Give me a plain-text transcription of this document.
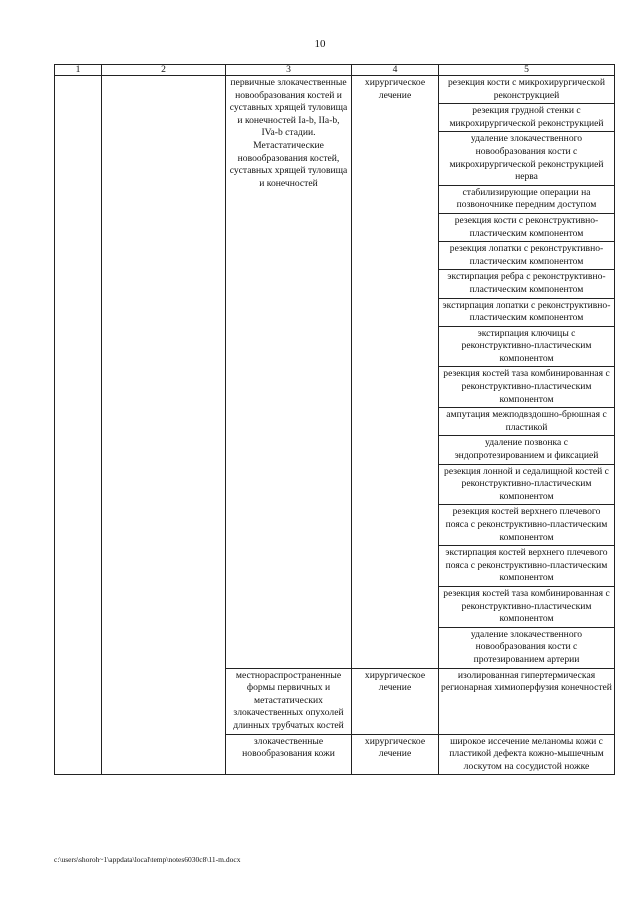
10
1	2	3	4	5
		первичные злокачественные новообразования костей и суставных хрящей туловища и конечностей Ia-b, IIa-b, IVa-b стадии. Метастатические новообразования костей, суставных хрящей туловища и конечностей	хирургическое лечение	резекция кости с микрохирургической реконструкцией
				резекция грудной стенки с микрохирургической реконструкцией
				удаление злокачественного новообразования кости с микрохирургической реконструкцией нерва
				стабилизирующие операции на позвоночнике передним доступом
				резекция кости с реконструктивно-пластическим компонентом
				резекция лопатки с реконструктивно-пластическим компонентом
				экстирпация ребра с реконструктивно-пластическим компонентом
				экстирпация лопатки с реконструктивно-пластическим компонентом
				экстирпация ключицы с реконструктивно-пластическим компонентом
				резекция костей таза комбинированная с реконструктивно-пластическим компонентом
				ампутация межподвздошно-брюшная с пластикой
				удаление позвонка с эндопротезированием и фиксацией
				резекция лонной и седалищной костей с реконструктивно-пластическим компонентом
				резекция костей верхнего плечевого пояса с реконструктивно-пластическим компонентом
				экстирпация костей верхнего плечевого пояса с реконструктивно-пластическим компонентом
				резекция костей таза комбинированная с реконструктивно-пластическим компонентом
				удаление злокачественного новообразования кости с протезированием артерии
		местнораспространенные формы первичных и метастатических злокачественных опухолей длинных трубчатых костей	хирургическое лечение	изолированная гипертермическая регионарная химиоперфузия конечностей
		злокачественные новообразования кожи	хирургическое лечение	широкое иссечение меланомы кожи с пластикой дефекта кожно-мышечным лоскутом на сосудистой ножке
c:\users\shoroh~1\appdata\local\temp\notes6030c8\11-m.docx
